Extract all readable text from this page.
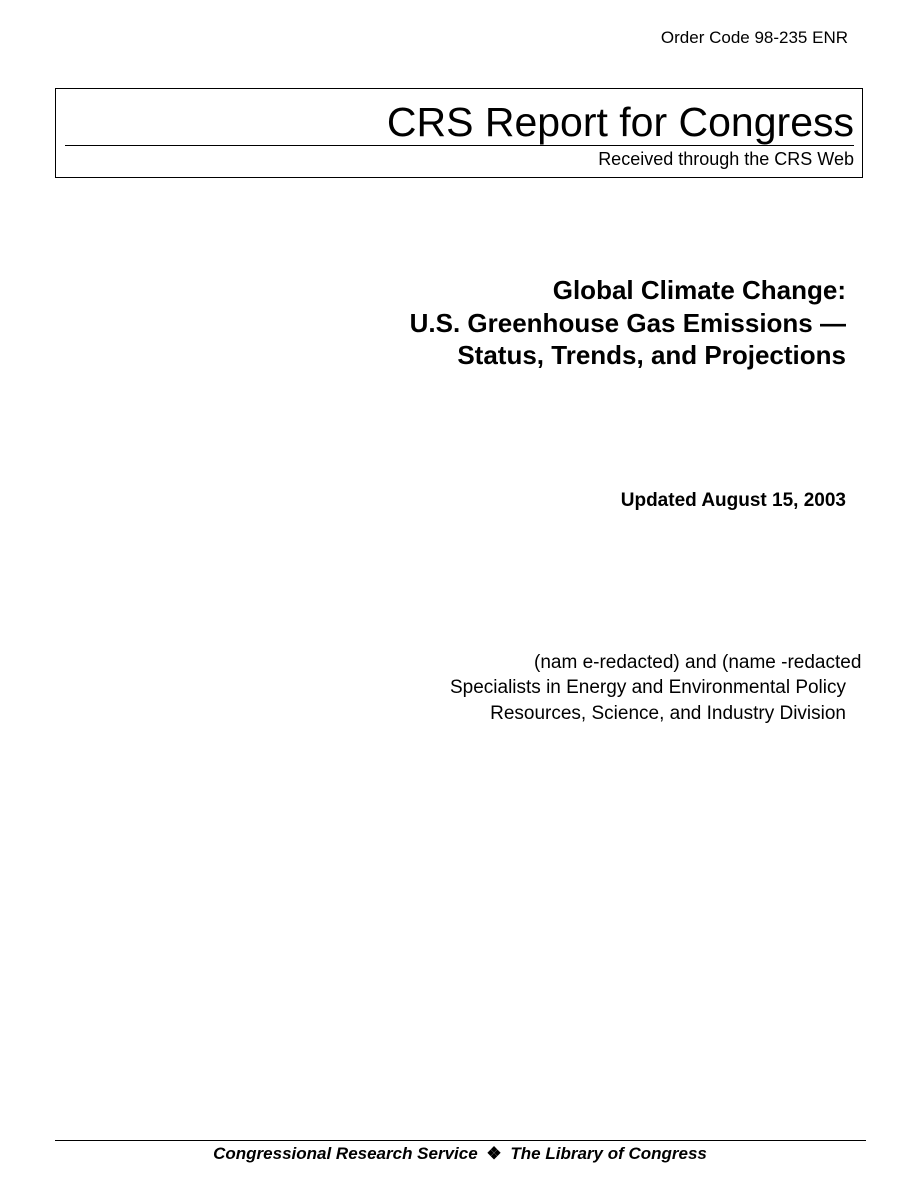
Order Code 98-235 ENR
CRS Report for Congress
Received through the CRS Web
Global Climate Change:
U.S. Greenhouse Gas Emissions —
Status, Trends, and Projections
Updated August 15, 2003
(nam e-redacted) and (name -redacted
Specialists in Energy and Environmental Policy
Resources, Science, and Industry Division
Congressional Research Service ❖ The Library of Congress
